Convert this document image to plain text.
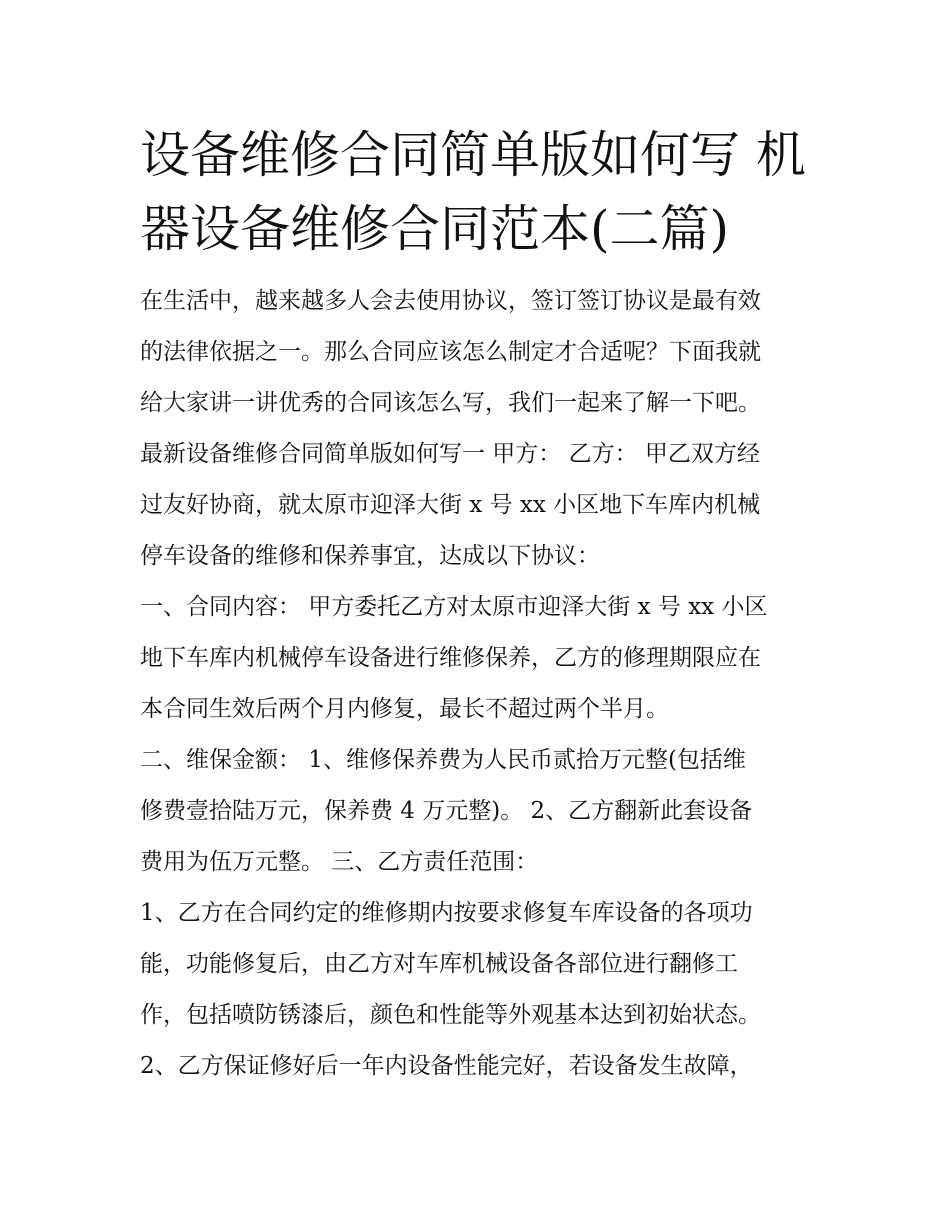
设备维修合同简单版如何写 机
器设备维修合同范本(二篇)
在生活中，越来越多人会去使用协议，签订签订协议是最有效
的法律依据之一。那么合同应该怎么制定才合适呢？下面我就
给大家讲一讲优秀的合同该怎么写，我们一起来了解一下吧。
最新设备维修合同简单版如何写一 甲方： 乙方： 甲乙双方经
过友好协商，就太原市迎泽大街 x 号 xx 小区地下车库内机械
停车设备的维修和保养事宜，达成以下协议：
一、合同内容： 甲方委托乙方对太原市迎泽大街 x 号 xx 小区
地下车库内机械停车设备进行维修保养，乙方的修理期限应在
本合同生效后两个月内修复，最长不超过两个半月。
二、维保金额： 1、维修保养费为人民币贰拾万元整(包括维
修费壹拾陆万元，保养费 4 万元整)。 2、乙方翻新此套设备
费用为伍万元整。 三、乙方责任范围：
1、乙方在合同约定的维修期内按要求修复车库设备的各项功
能，功能修复后，由乙方对车库机械设备各部位进行翻修工
作，包括喷防锈漆后，颜色和性能等外观基本达到初始状态。
2、乙方保证修好后一年内设备性能完好，若设备发生故障，
